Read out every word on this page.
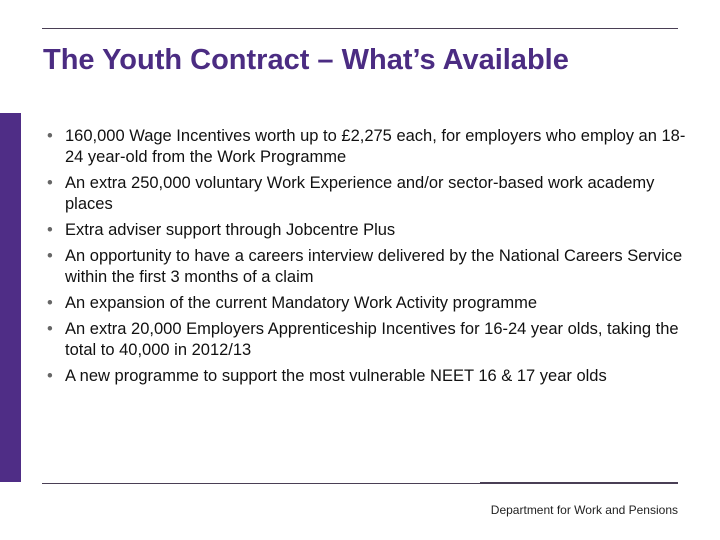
The Youth Contract – What’s Available
• 160,000 Wage Incentives worth up to £2,275 each, for employers who employ an 18-24 year-old from the Work Programme
• An extra 250,000 voluntary Work Experience and/or sector-based work academy places
• Extra adviser support through Jobcentre Plus
• An opportunity to have a careers interview delivered by the National Careers Service within the first 3 months of a claim
• An expansion of the current Mandatory Work Activity programme
• An extra 20,000 Employers Apprenticeship Incentives for 16-24 year olds, taking the total to 40,000 in 2012/13
• A new programme to support the most vulnerable NEET 16 & 17 year olds
Department for Work and Pensions
